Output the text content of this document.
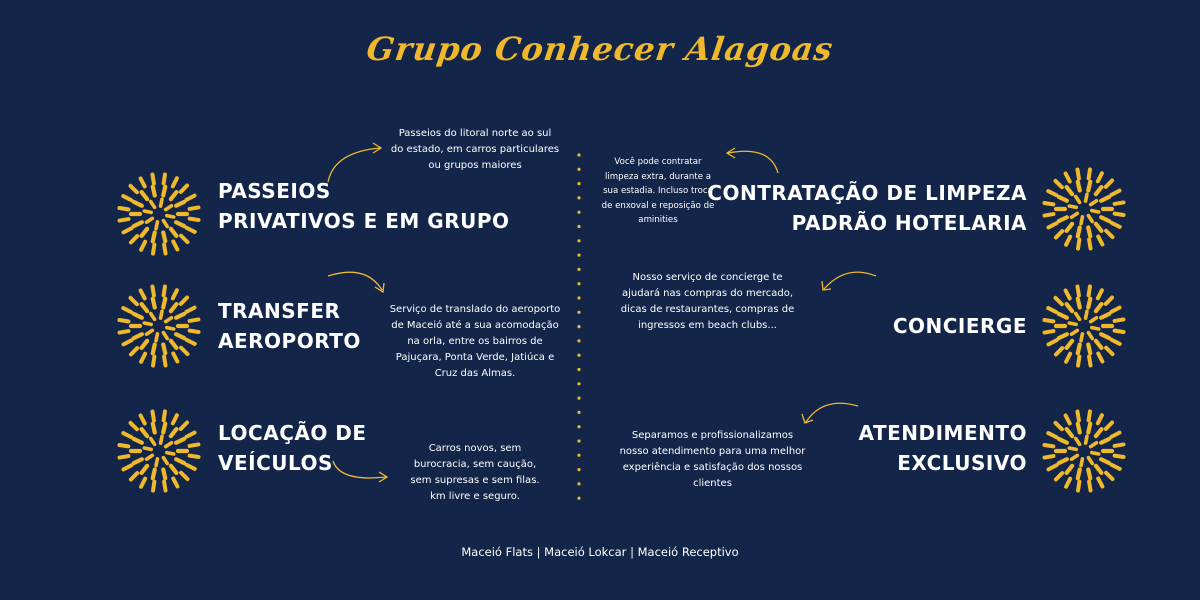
Grupo Conhecer Alagoas
PASSEIOS
PRIVATIVOS E EM GRUPO
TRANSFER
AEROPORTO
LOCAÇÃO DE
VEÍCULOS
CONTRATAÇÃO DE LIMPEZA
PADRÃO HOTELARIA
CONCIERGE
ATENDIMENTO
EXCLUSIVO
Passeios do litoral norte ao sul
do estado, em carros particulares
ou grupos maiores
Serviço de translado do aeroporto
de Maceió até a sua acomodação
na orla, entre os bairros de
Pajuçara, Ponta Verde, Jatiúca e
Cruz das Almas.
Carros novos, sem
burocracia, sem caução,
sem supresas e sem filas.
km livre e seguro.
Você pode contratar
limpeza extra, durante a
sua estadia. Incluso troca
de enxoval e reposição de
aminities
Nosso serviço de concierge te
ajudará nas compras do mercado,
dicas de restaurantes, compras de
ingressos em beach clubs...
Separamos e profissionalizamos
nosso atendimento para uma melhor
experiência e satisfação dos nossos
clientes
Maceió Flats | Maceió Lokcar | Maceió Receptivo
